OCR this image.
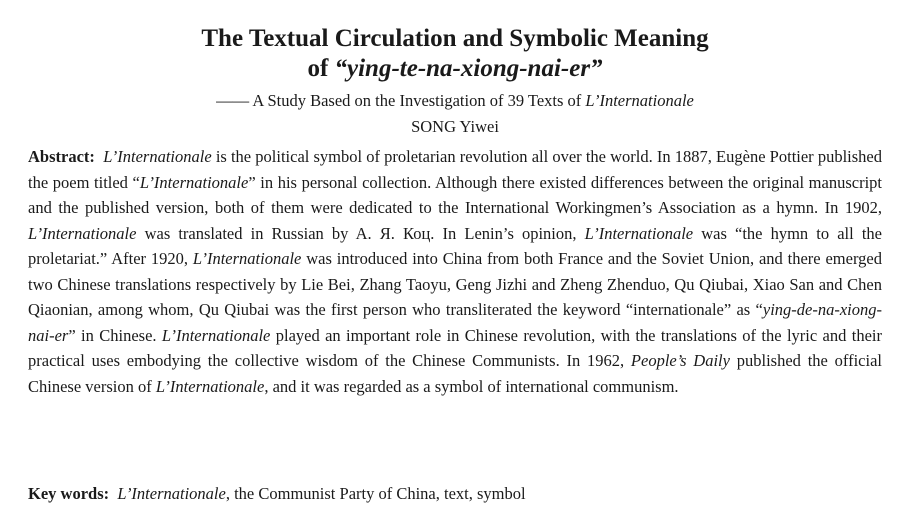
The Textual Circulation and Symbolic Meaning
of “ying-te-na-xiong-nai-er”
—— A Study Based on the Investigation of 39 Texts of L’Internationale
SONG Yiwei
Abstract: L’Internationale is the political symbol of proletarian revolution all over the world. In 1887, Eugène Pottier published the poem titled “L’Internationale” in his personal collection. Although there existed differences between the original manuscript and the published version, both of them were dedicated to the International Workingmen’s Association as a hymn. In 1902, L’Internationale was translated in Russian by A. Я. Коц. In Lenin’s opinion, L’Internationale was “the hymn to all the proletariat.” After 1920, L’Internationale was introduced into China from both France and the Soviet Union, and there emerged two Chinese translations respectively by Lie Bei, Zhang Taoyu, Geng Jizhi and Zheng Zhenduo, Qu Qiubai, Xiao San and Chen Qiaonian, among whom, Qu Qiubai was the first person who transliterated the keyword “internationale” as “ying-de-na-xiong-nai-er” in Chinese. L’Internationale played an important role in Chinese revolution, with the translations of the lyric and their practical uses embodying the collective wisdom of the Chinese Communists. In 1962, People’s Daily published the official Chinese version of L’Internationale, and it was regarded as a symbol of international communism.
Key words: L’Internationale, the Communist Party of China, text, symbol
